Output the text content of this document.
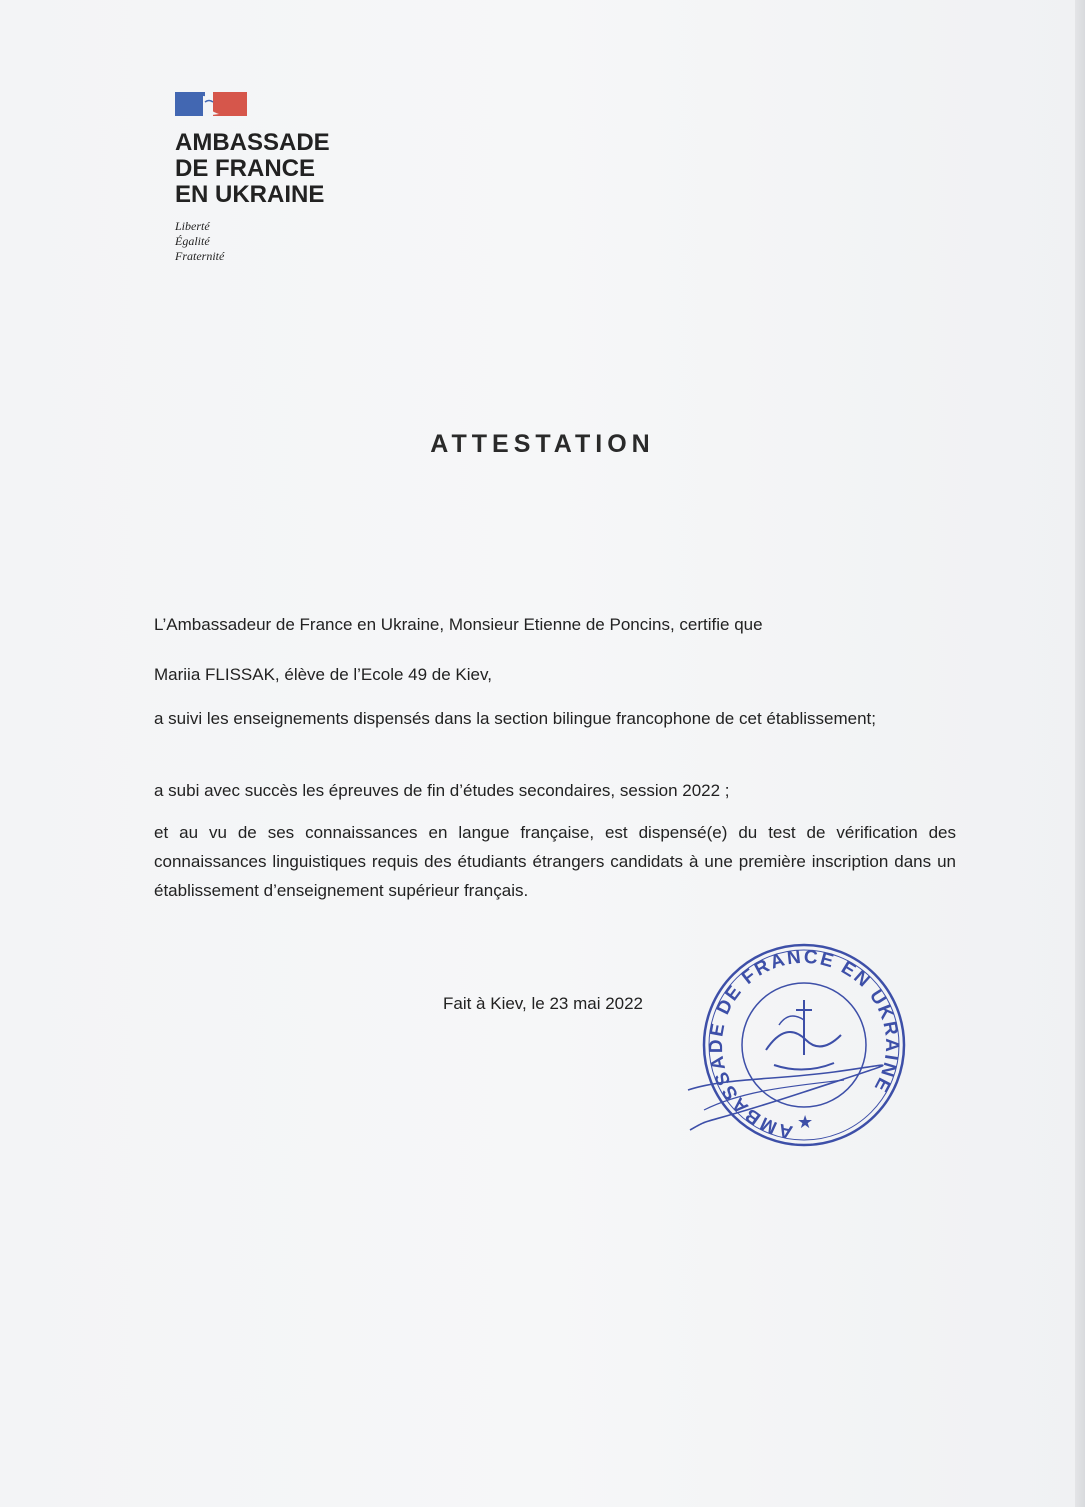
AMBASSADE
DE FRANCE
EN UKRAINE
Liberté
Égalité
Fraternité
ATTESTATION
L’Ambassadeur de France en Ukraine, Monsieur Etienne de Poncins, certifie que
Mariia FLISSAK, élève de l’Ecole 49 de Kiev,
a suivi les enseignements dispensés dans la section bilingue francophone de cet établissement;
a subi avec succès les épreuves de fin d’études secondaires, session 2022 ;
et au vu de ses connaissances en langue française, est dispensé(e) du test de vérification des connaissances linguistiques requis des étudiants étrangers candidats à une première inscription dans un établissement d’enseignement supérieur français.
Fait à Kiev, le 23 mai 2022
AMBASSADE DE FRANCE EN UKRAINE
★
